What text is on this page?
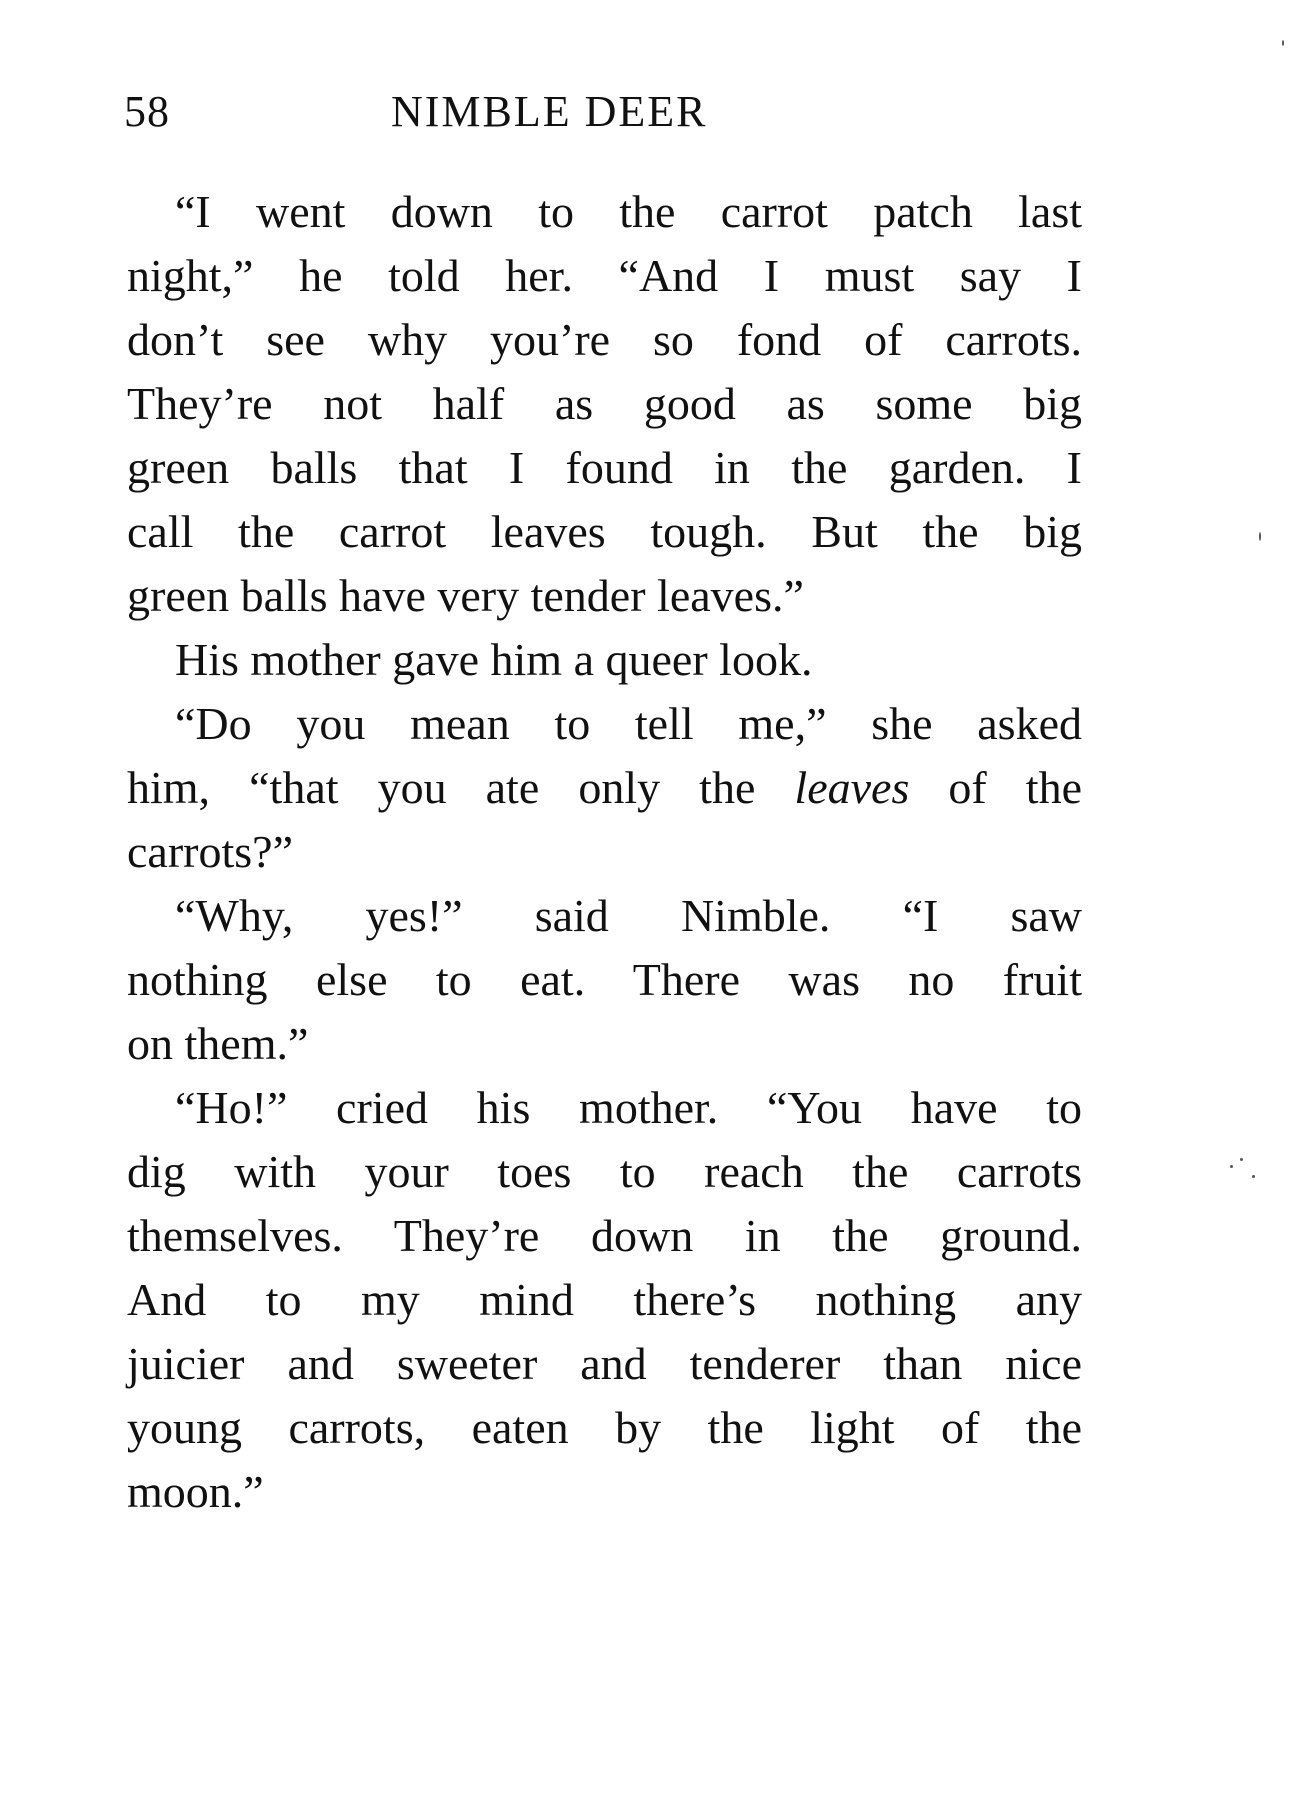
58	NIMBLE DEER
“I went down to the carrot patch last
night,” he told her. “And I must say I
don’t see why you’re so fond of carrots.
They’re not half as good as some big
green balls that I found in the garden. I
call the carrot leaves tough. But the big
green balls have very tender leaves.”
His mother gave him a queer look.
“Do you mean to tell me,” she asked
him, “that you ate only the leaves of the
carrots?”
“Why, yes!” said Nimble. “I saw
nothing else to eat. There was no fruit
on them.”
“Ho!” cried his mother. “You have to
dig with your toes to reach the carrots
themselves. They’re down in the ground.
And to my mind there’s nothing any
juicier and sweeter and tenderer than nice
young carrots, eaten by the light of the
moon.”
